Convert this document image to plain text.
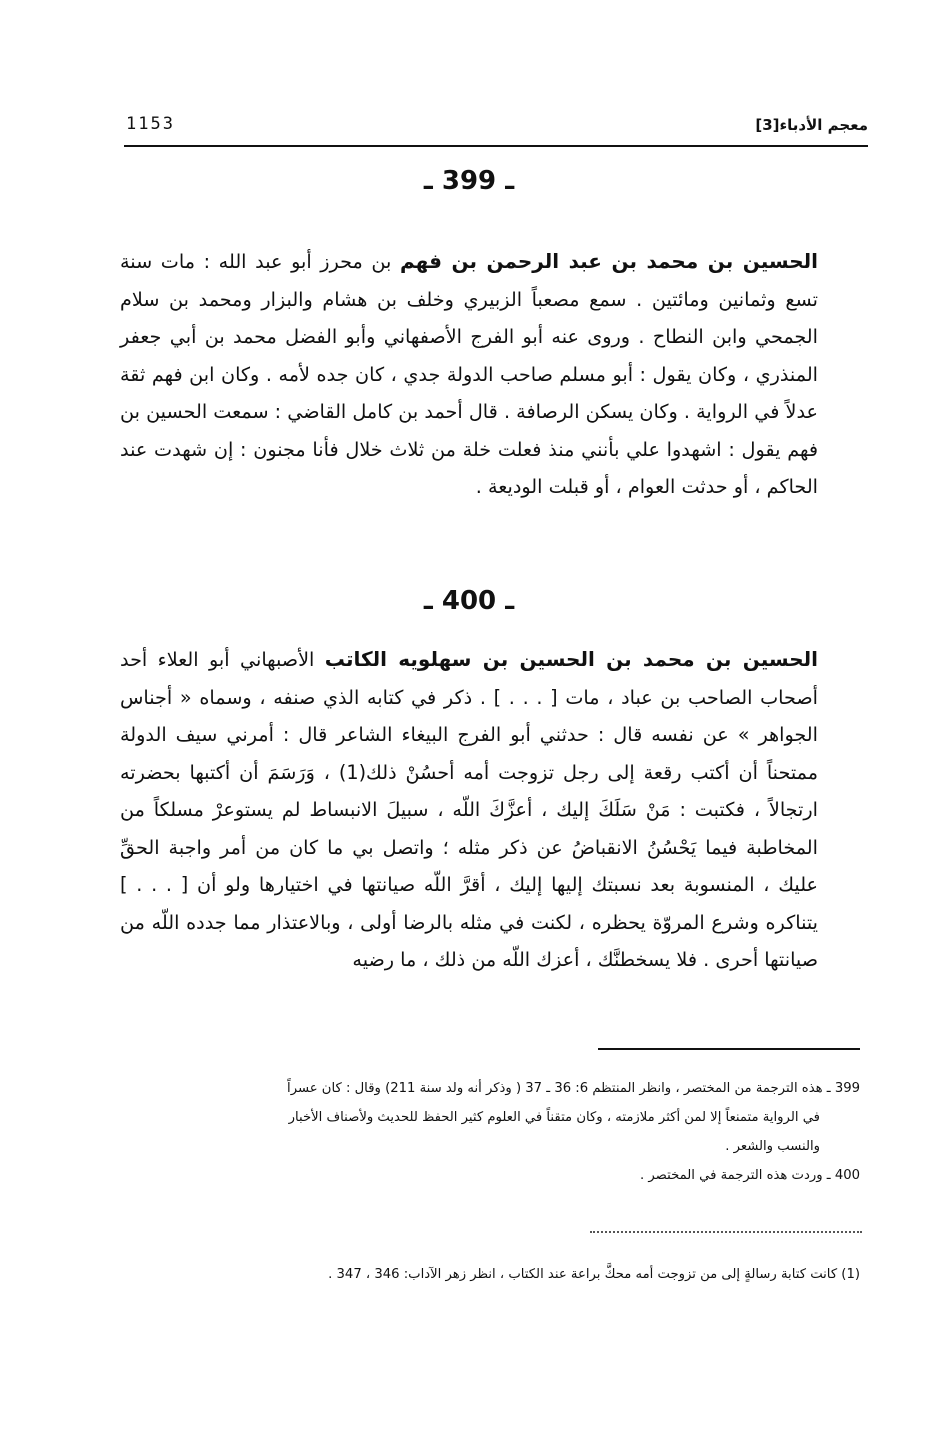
1153	معجم الأدباء[3]
ـ 399 ـ

الحسين بن محمد بن عبد الرحمن بن فهم بن محرز أبو عبد الله : مات سنة تسع وثمانين ومائتين . سمع مصعباً الزبيري وخلف بن هشام والبزار ومحمد بن سلام الجمحي وابن النطاح . وروى عنه أبو الفرج الأصفهاني وأبو الفضل محمد بن أبي جعفر المنذري ، وكان يقول : أبو مسلم صاحب الدولة جدي ، كان جده لأمه . وكان ابن فهم ثقة عدلاً في الرواية . وكان يسكن الرصافة . قال أحمد بن كامل القاضي : سمعت الحسين بن فهم يقول : اشهدوا علي بأنني منذ فعلت خلة من ثلاث خلال فأنا مجنون : إن شهدت عند الحاكم ، أو حدثت العوام ، أو قبلت الوديعة .

ـ 400 ـ

الحسين بن محمد بن الحسين بن سهلويه الكاتب الأصبهاني أبو العلاء أحد أصحاب الصاحب بن عباد ، مات [ . . . ] . ذكر في كتابه الذي صنفه ، وسماه « أجناس الجواهر » عن نفسه قال : حدثني أبو الفرج البيغاء الشاعر قال : أمرني سيف الدولة ممتحناً أن أكتب رقعة إلى رجل تزوجت أمه أحسُنْ ذلك(1) ، وَرَسَمَ أن أكتبها بحضرته ارتجالاً ، فكتبت : مَنْ سَلَكَ إليك ، أعزَّكَ اللّه ، سبيلَ الانبساط لم يستوعرْ مسلكاً من المخاطبة فيما يَحْسُنُ الانقباضُ عن ذكر مثله ؛ واتصل بي ما كان من أمر واجبة الحقِّ عليك ، المنسوبة بعد نسبتك إليها إليك ، أقرَّ اللّه صيانتها في اختيارها ولو أن [ . . . ] يتناكره وشرع المروّة يحظره ، لكنت في مثله بالرضا أولى ، وبالاعتذار مما جدده اللّه من صيانتها أحرى . فلا يسخطنَّك ، أعزك اللّه من ذلك ، ما رضيه

399 ـ هذه الترجمة من المختصر ، وانظر المنتظم 6: 36 ـ 37 ( وذكر أنه ولد سنة 211) وقال : كان عسراً

في الرواية متمنعاً إلا لمن أكثر ملازمته ، وكان متقناً في العلوم كثير الحفظ للحديث ولأصناف الأخبار

والنسب والشعر .

400 ـ وردت هذه الترجمة في المختصر .

(1) كانت كتابة رسالةٍ إلى من تزوجت أمه محكَّ براعة عند الكتاب ، انظر زهر الآداب: 346 ، 347 .
